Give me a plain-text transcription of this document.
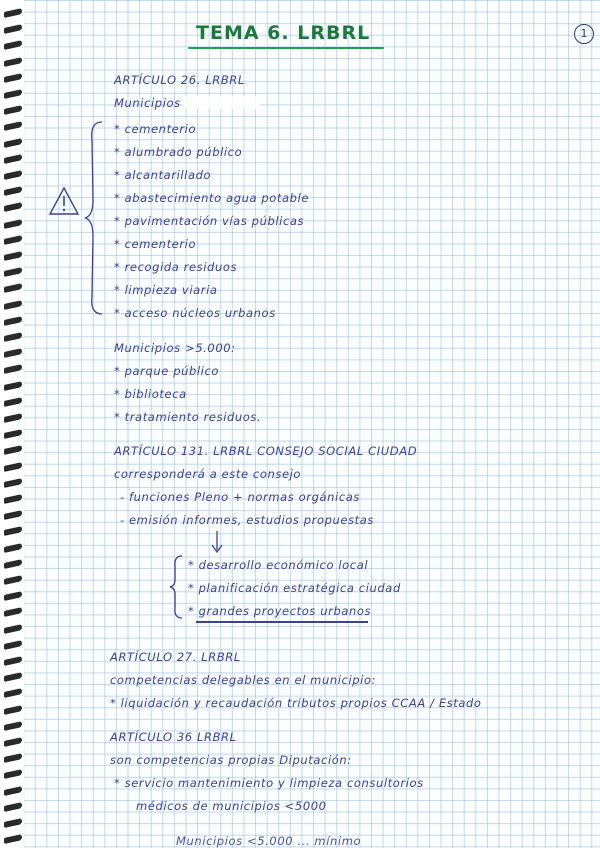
1
TEMA 6. LRBRL
ARTÍCULO 26. LRBRL
Municipios
* cementerio
* alumbrado público
* alcantarillado
* abastecimiento agua potable
* pavimentación vías públicas
* cementerio
* recogida residuos
* limpieza viaria
* acceso núcleos urbanos
Municipios >5.000:
* parque público
* biblioteca
* tratamiento residuos.
ARTÍCULO 131. LRBRL CONSEJO SOCIAL CIUDAD
corresponderá a este consejo
- funciones Pleno + normas orgánicas
- emisión informes, estudios propuestas
* desarrollo económico local
* planificación estratégica ciudad
* grandes proyectos urbanos
ARTÍCULO 27. LRBRL
competencias delegables en el municipio:
* liquidación y recaudación tributos propios CCAA / Estado
ARTÍCULO 36 LRBRL
son competencias propias Diputación:
* servicio mantenimiento y limpieza consultorios
médicos de municipios <5000
Municipios <5.000 ... mínimo
